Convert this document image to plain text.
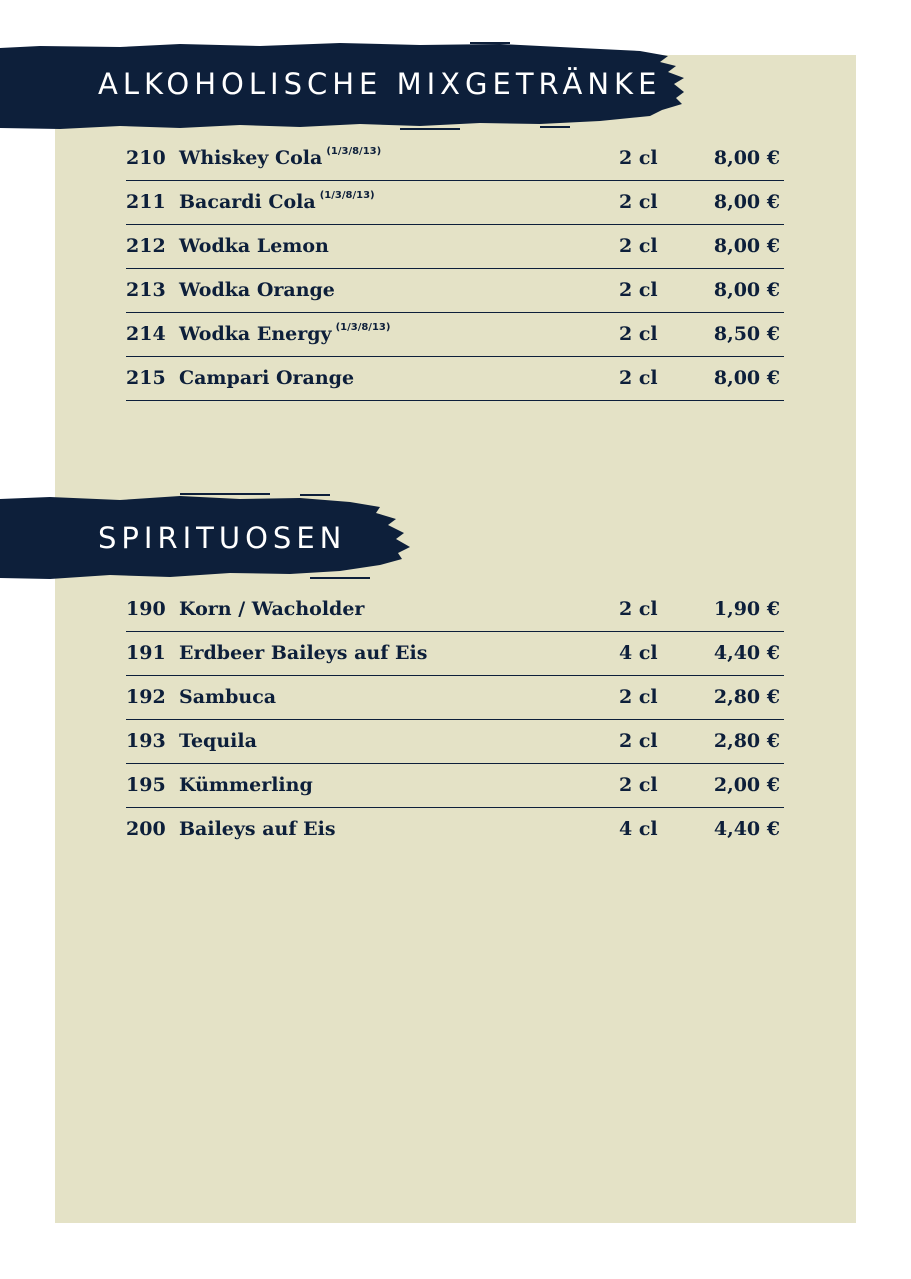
ALKOHOLISCHE MIXGETRÄNKE
210 Whiskey Cola $^{(1/3/8/13)}$	2 cl	8,00 €
211 Bacardi Cola $^{(1/3/8/13)}$	2 cl	8,00 €
212 Wodka Lemon	2 cl	8,00 €
213 Wodka Orange	2 cl	8,00 €
214 Wodka Energy $^{(1/3/8/13)}$	2 cl	8,50 €
215 Campari Orange	2 cl	8,00 €
SPIRITUOSEN
190 Korn / Wacholder	2 cl	1,90 €
191 Erdbeer Baileys auf Eis	4 cl	4,40 €
192 Sambuca	2 cl	2,80 €
193 Tequila	2 cl	2,80 €
195 Kümmerling	2 cl	2,00 €
200 Baileys auf Eis	4 cl	4,40 €
